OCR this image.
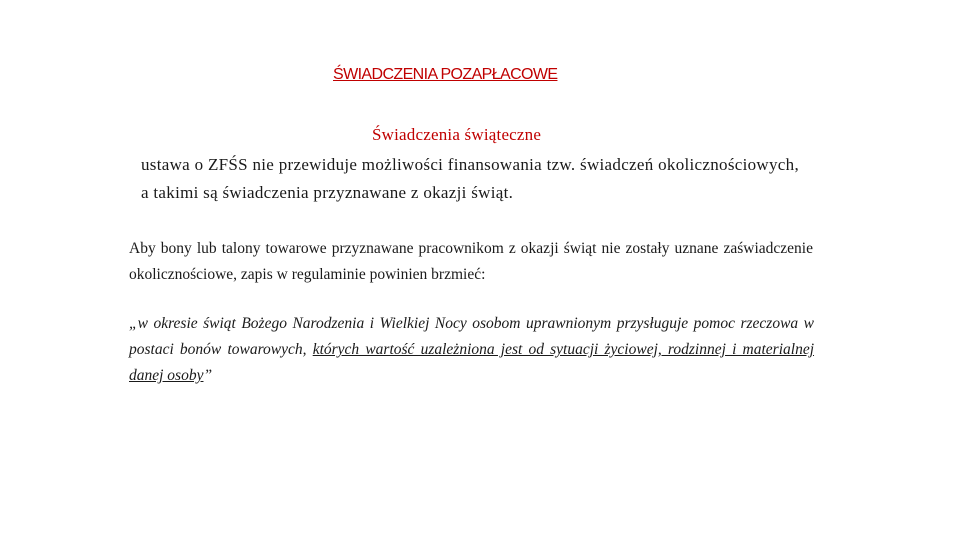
ŚWIADCZENIA POZAPŁACOWE
Świadczenia świąteczne

ustawa o ZFŚS nie przewiduje możliwości finansowania tzw. świadczeń okolicznościowych, a takimi są świadczenia przyznawane z okazji świąt.

Aby bony lub talony towarowe przyznawane pracownikom z okazji świąt nie zostały uznane zaświadczenie okolicznościowe, zapis w regulaminie powinien brzmieć:

„w okresie świąt Bożego Narodzenia i Wielkiej Nocy osobom uprawnionym przysługuje pomoc rzeczowa w postaci bonów towarowych, których wartość uzależniona jest od sytuacji życiowej, rodzinnej i materialnej danej osoby”
